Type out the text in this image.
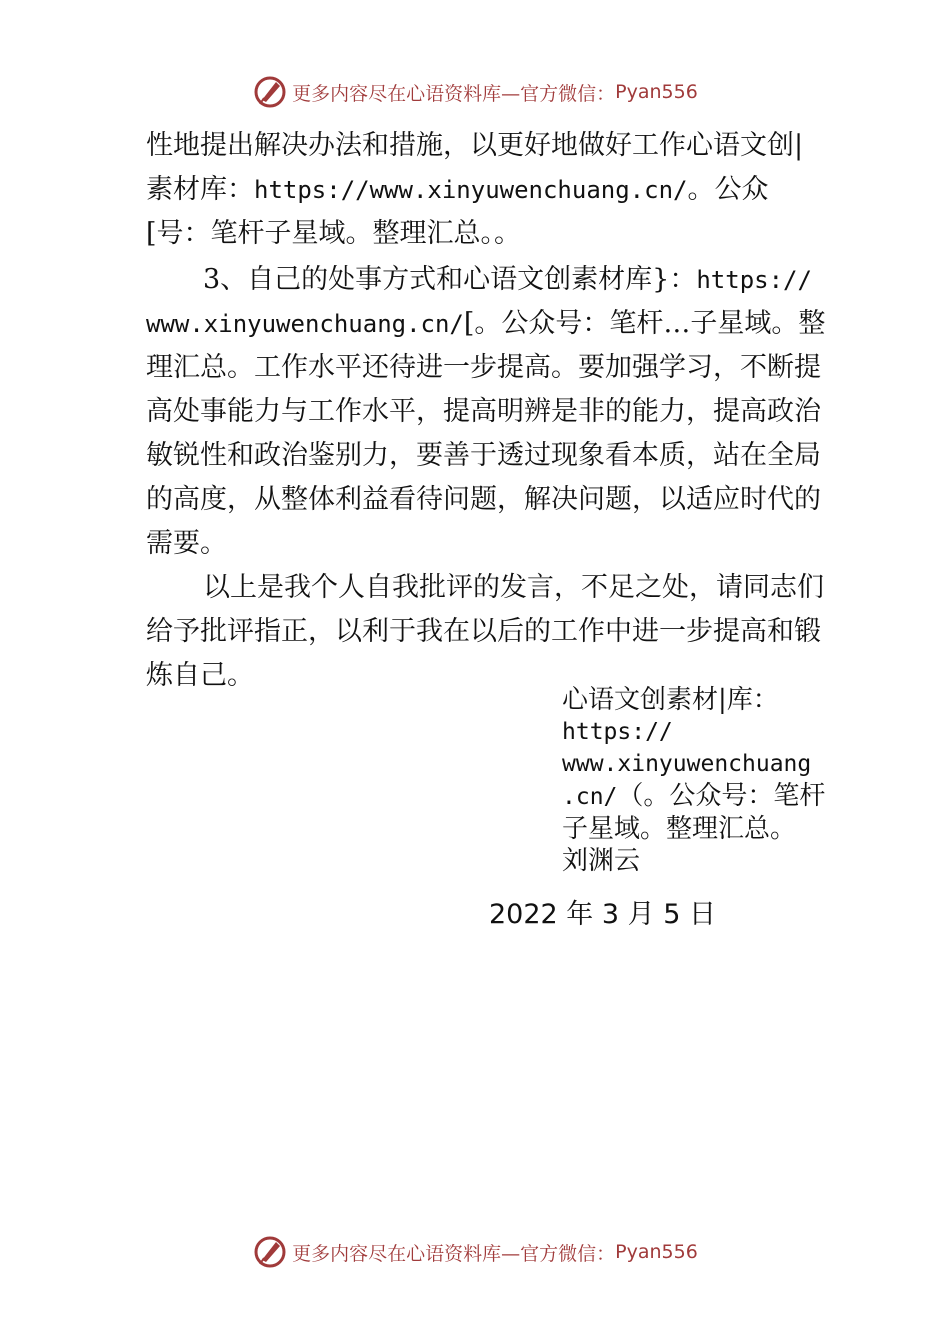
更多内容尽在心语资料库—官方微信： Pyan556

性地提出解决办法和措施，以更好地做好工作心语文创|素材库：https://www.xinyuwenchuang.cn/。公众[号：笔杆子星域。整理汇总。。

3、自己的处事方式和心语文创素材库}：https://www.xinyuwenchuang.cn/[。公众号：笔杆…子星域。整理汇总。工作水平还待进一步提高。要加强学习，不断提高处事能力与工作水平，提高明辨是非的能力，提高政治敏锐性和政治鉴别力，要善于透过现象看本质，站在全局的高度，从整体利益看待问题，解决问题，以适应时代的需要。

以上是我个人自我批评的发言，不足之处，请同志们给予批评指正，以利于我在以后的工作中进一步提高和锻炼自己。

心语文创素材|库：
https://
www.xinyuwenchuang
.cn/（。公众号：笔杆子星域。整理汇总。
刘渊云
2022 年 3 月 5 日
更多内容尽在心语资料库—官方微信： Pyan556
